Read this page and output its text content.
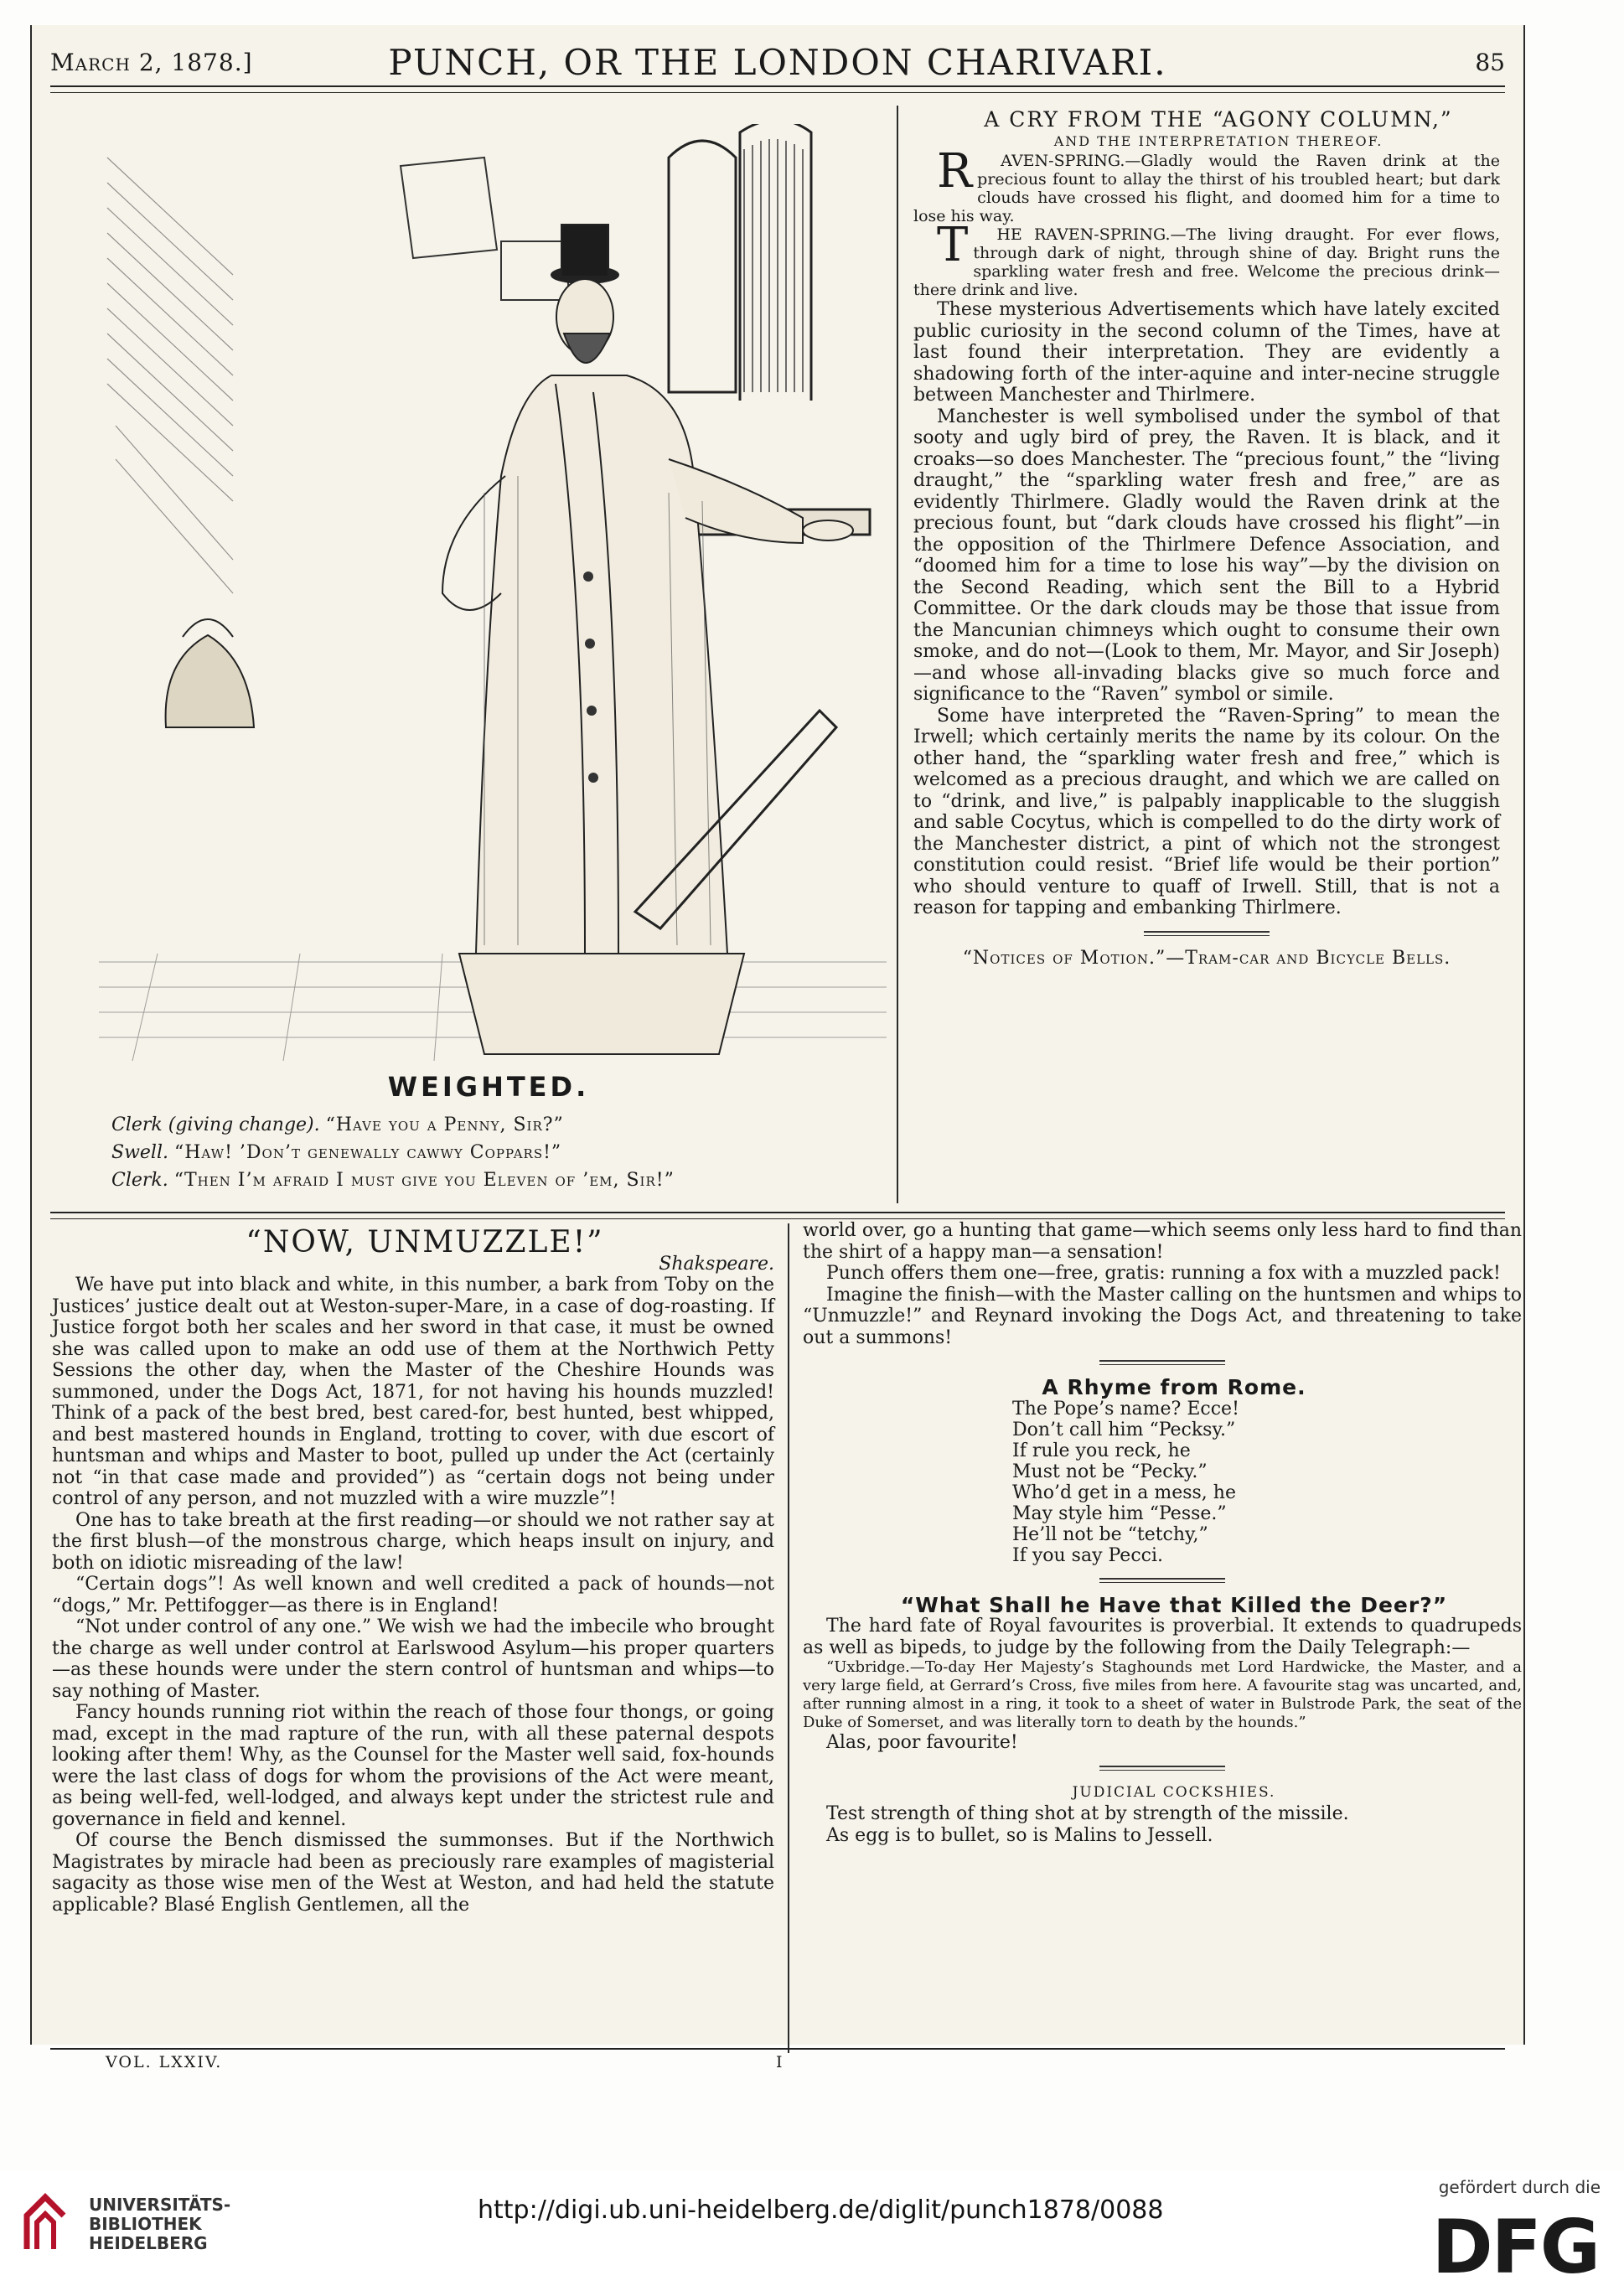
March 2, 1878.]	PUNCH, OR THE LONDON CHARIVARI.	85
WEIGHTED.
Clerk (giving change). “Have you a Penny, Sir?”
Swell. “Haw! ’Don’t genewally cawwy Coppars!”
Clerk. “Then I’m afraid I must give you Eleven of ’em, Sir!”

A CRY FROM THE “AGONY COLUMN,”

AND THE INTERPRETATION THEREOF.

R AVEN-SPRING.—Gladly would the Raven drink at the precious fount to allay the thirst of his troubled heart; but dark clouds have crossed his flight, and doomed him for a time to lose his way.

T HE RAVEN-SPRING.—The living draught. For ever flows, through dark of night, through shine of day. Bright runs the sparkling water fresh and free. Welcome the precious drink—there drink and live.

These mysterious Advertisements which have lately excited public curiosity in the second column of the Times, have at last found their interpretation. They are evidently a shadowing forth of the inter-aquine and inter-necine struggle between Manchester and Thirlmere.

Manchester is well symbolised under the symbol of that sooty and ugly bird of prey, the Raven. It is black, and it croaks—so does Manchester. The “precious fount,” the “living draught,” the “sparkling water fresh and free,” are as evidently Thirlmere. Gladly would the Raven drink at the precious fount, but “dark clouds have crossed his flight”—in the opposition of the Thirlmere Defence Association, and “doomed him for a time to lose his way”—by the division on the Second Reading, which sent the Bill to a Hybrid Committee. Or the dark clouds may be those that issue from the Mancunian chimneys which ought to consume their own smoke, and do not—(Look to them, Mr. Mayor, and Sir Joseph)—and whose all-invading blacks give so much force and significance to the “Raven” symbol or simile.

Some have interpreted the “Raven-Spring” to mean the Irwell; which certainly merits the name by its colour. On the other hand, the “sparkling water fresh and free,” which is welcomed as a precious draught, and which we are called on to “drink, and live,” is palpably inapplicable to the sluggish and sable Cocytus, which is compelled to do the dirty work of the Manchester district, a pint of which not the strongest constitution could resist. “Brief life would be their portion” who should venture to quaff of Irwell. Still, that is not a reason for tapping and embanking Thirlmere.

“Notices of Motion.”—Tram-car and Bicycle Bells.

“NOW, UNMUZZLE!”

Shakspeare.

We have put into black and white, in this number, a bark from Toby on the Justices’ justice dealt out at Weston-super-Mare, in a case of dog-roasting. If Justice forgot both her scales and her sword in that case, it must be owned she was called upon to make an odd use of them at the Northwich Petty Sessions the other day, when the Master of the Cheshire Hounds was summoned, under the Dogs Act, 1871, for not having his hounds muzzled! Think of a pack of the best bred, best cared-for, best hunted, best whipped, and best mastered hounds in England, trotting to cover, with due escort of huntsman and whips and Master to boot, pulled up under the Act (certainly not “in that case made and provided”) as “certain dogs not being under control of any person, and not muzzled with a wire muzzle”!

One has to take breath at the first reading—or should we not rather say at the first blush—of the monstrous charge, which heaps insult on injury, and both on idiotic misreading of the law!

“Certain dogs”! As well known and well credited a pack of hounds—not “dogs,” Mr. Pettifogger—as there is in England!

“Not under control of any one.” We wish we had the imbecile who brought the charge as well under control at Earlswood Asylum—his proper quarters—as these hounds were under the stern control of huntsman and whips—to say nothing of Master.

Fancy hounds running riot within the reach of those four thongs, or going mad, except in the mad rapture of the run, with all these paternal despots looking after them! Why, as the Counsel for the Master well said, fox-hounds were the last class of dogs for whom the provisions of the Act were meant, as being well-fed, well-lodged, and always kept under the strictest rule and governance in field and kennel.

Of course the Bench dismissed the summonses. But if the Northwich Magistrates by miracle had been as preciously rare examples of magisterial sagacity as those wise men of the West at Weston, and had held the statute applicable? Blasé English Gentlemen, all the

world over, go a hunting that game—which seems only less hard to find than the shirt of a happy man—a sensation!

Punch offers them one—free, gratis: running a fox with a muzzled pack!

Imagine the finish—with the Master calling on the huntsmen and whips to “Unmuzzle!” and Reynard invoking the Dogs Act, and threatening to take out a summons!

A Rhyme from Rome.

The Pope’s name? Ecce!
Don’t call him “Pecksy.”
If rule you reck, he
Must not be “Pecky.”
Who’d get in a mess, he
May style him “Pesse.”
He’ll not be “tetchy,”
If you say Pecci.

“What Shall he Have that Killed the Deer?”

The hard fate of Royal favourites is proverbial. It extends to quadrupeds as well as bipeds, to judge by the following from the Daily Telegraph:—

“Uxbridge.—To-day Her Majesty’s Staghounds met Lord Hardwicke, the Master, and a very large field, at Gerrard’s Cross, five miles from here. A favourite stag was uncarted, and, after running almost in a ring, it took to a sheet of water in Bulstrode Park, the seat of the Duke of Somerset, and was literally torn to death by the hounds.”

Alas, poor favourite!

JUDICIAL COCKSHIES.

Test strength of thing shot at by strength of the missile.

As egg is to bullet, so is Malins to Jessell.

VOL. LXXIV.	I
UNIVERSITÄTS-
BIBLIOTHEK
HEIDELBERG
http://digi.ub.uni-heidelberg.de/diglit/punch1878/0088
gefördert durch die
DFG
